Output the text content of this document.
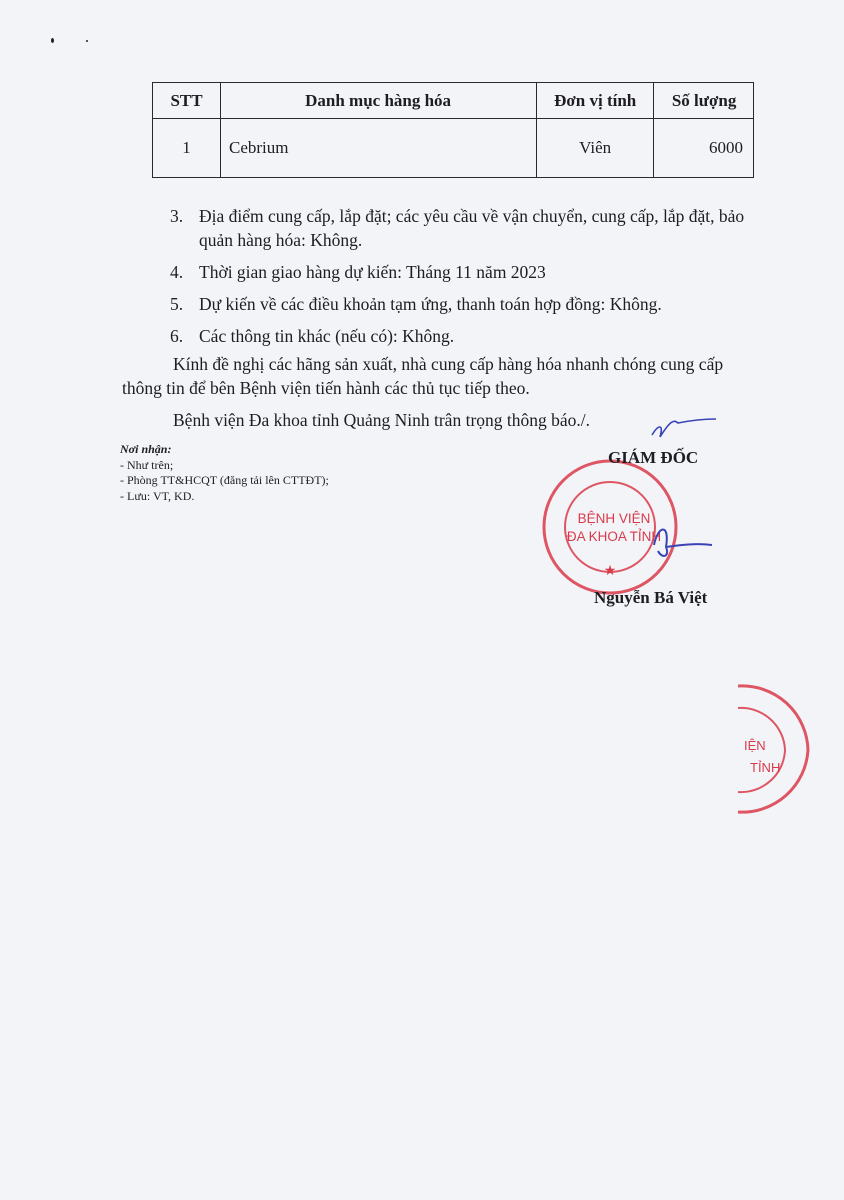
STT	Danh mục hàng hóa	Đơn vị tính	Số lượng
1	Cebrium	Viên	6000
3. Địa điểm cung cấp, lắp đặt; các yêu cầu về vận chuyển, cung cấp, lắp đặt, bảo quản hàng hóa: Không.
4. Thời gian giao hàng dự kiến: Tháng 11 năm 2023
5. Dự kiến về các điều khoản tạm ứng, thanh toán hợp đồng: Không.
6. Các thông tin khác (nếu có): Không.
Kính đề nghị các hãng sản xuất, nhà cung cấp hàng hóa nhanh chóng cung cấp thông tin để bên Bệnh viện tiến hành các thủ tục tiếp theo.
Bệnh viện Đa khoa tỉnh Quảng Ninh trân trọng thông báo./.
Nơi nhận:
- Như trên;
- Phòng TT&HCQT (đăng tải lên CTTĐT);
- Lưu: VT, KD.
★
BỆNH VIỆN
ĐA KHOA TỈNH
GIÁM ĐỐC
Nguyễn Bá Việt
IỆN
TỈNH
